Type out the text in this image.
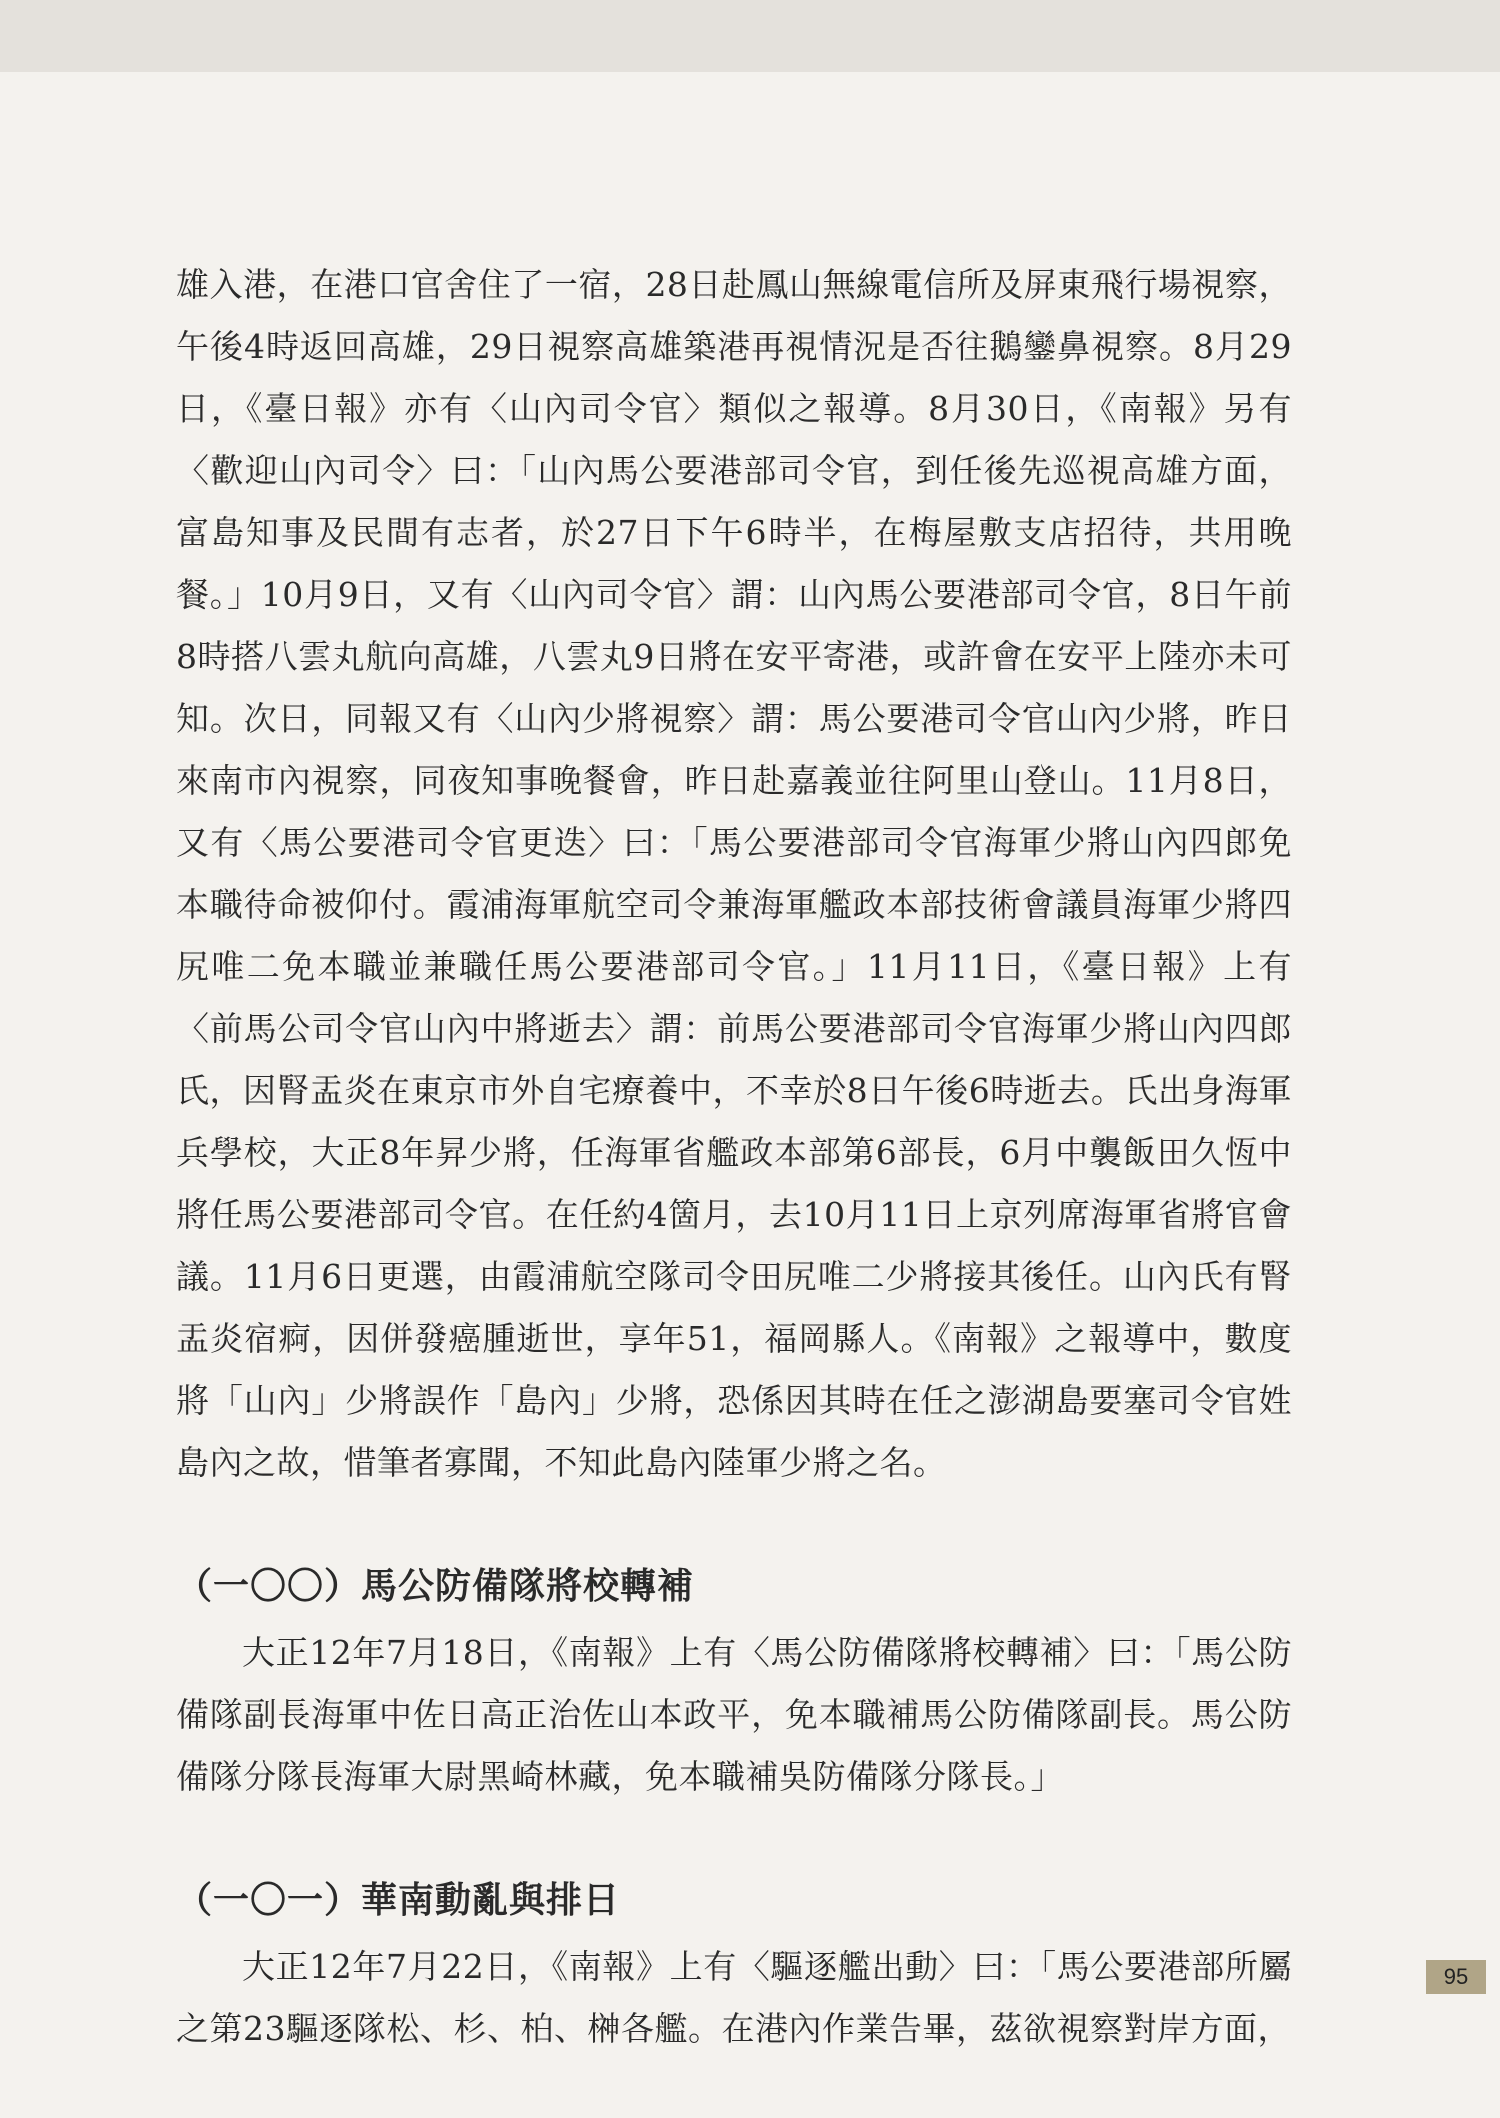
雄入港，在港口官舍住了一宿，28日赴鳳山無線電信所及屏東飛行場視察，午後4時返回高雄，29日視察高雄築港再視情況是否往鵝鑾鼻視察。8月29日，《臺日報》亦有〈山內司令官〉類似之報導。8月30日，《南報》另有〈歡迎山內司令〉曰：「山內馬公要港部司令官，到任後先巡視高雄方面，富島知事及民間有志者，於27日下午6時半，在梅屋敷支店招待，共用晚餐。」10月9日，又有〈山內司令官〉謂：山內馬公要港部司令官，8日午前8時搭八雲丸航向高雄，八雲丸9日將在安平寄港，或許會在安平上陸亦未可知。次日，同報又有〈山內少將視察〉謂：馬公要港司令官山內少將，昨日來南市內視察，同夜知事晚餐會，昨日赴嘉義並往阿里山登山。11月8日，又有〈馬公要港司令官更迭〉曰：「馬公要港部司令官海軍少將山內四郎免本職待命被仰付。霞浦海軍航空司令兼海軍艦政本部技術會議員海軍少將四尻唯二免本職並兼職任馬公要港部司令官。」11月11日，《臺日報》上有〈前馬公司令官山內中將逝去〉謂：前馬公要港部司令官海軍少將山內四郎氏，因腎盂炎在東京市外自宅療養中，不幸於8日午後6時逝去。氏出身海軍兵學校，大正8年昇少將，任海軍省艦政本部第6部長，6月中襲飯田久恆中將任馬公要港部司令官。在任約4箇月，去10月11日上京列席海軍省將官會議。11月6日更選，由霞浦航空隊司令田尻唯二少將接其後任。山內氏有腎盂炎宿痾，因併發癌腫逝世，享年51，福岡縣人。《南報》之報導中，數度將「山內」少將誤作「島內」少將，恐係因其時在任之澎湖島要塞司令官姓島內之故，惜筆者寡聞，不知此島內陸軍少將之名。

（一〇〇）馬公防備隊將校轉補

大正12年7月18日，《南報》上有〈馬公防備隊將校轉補〉曰：「馬公防備隊副長海軍中佐日高正治佐山本政平，免本職補馬公防備隊副長。馬公防備隊分隊長海軍大尉黑崎林藏，免本職補吳防備隊分隊長。」

（一〇一）華南動亂與排日

大正12年7月22日，《南報》上有〈驅逐艦出動〉曰：「馬公要港部所屬之第23驅逐隊松、杉、柏、榊各艦。在港內作業告畢，茲欲視察對岸方面，

95
